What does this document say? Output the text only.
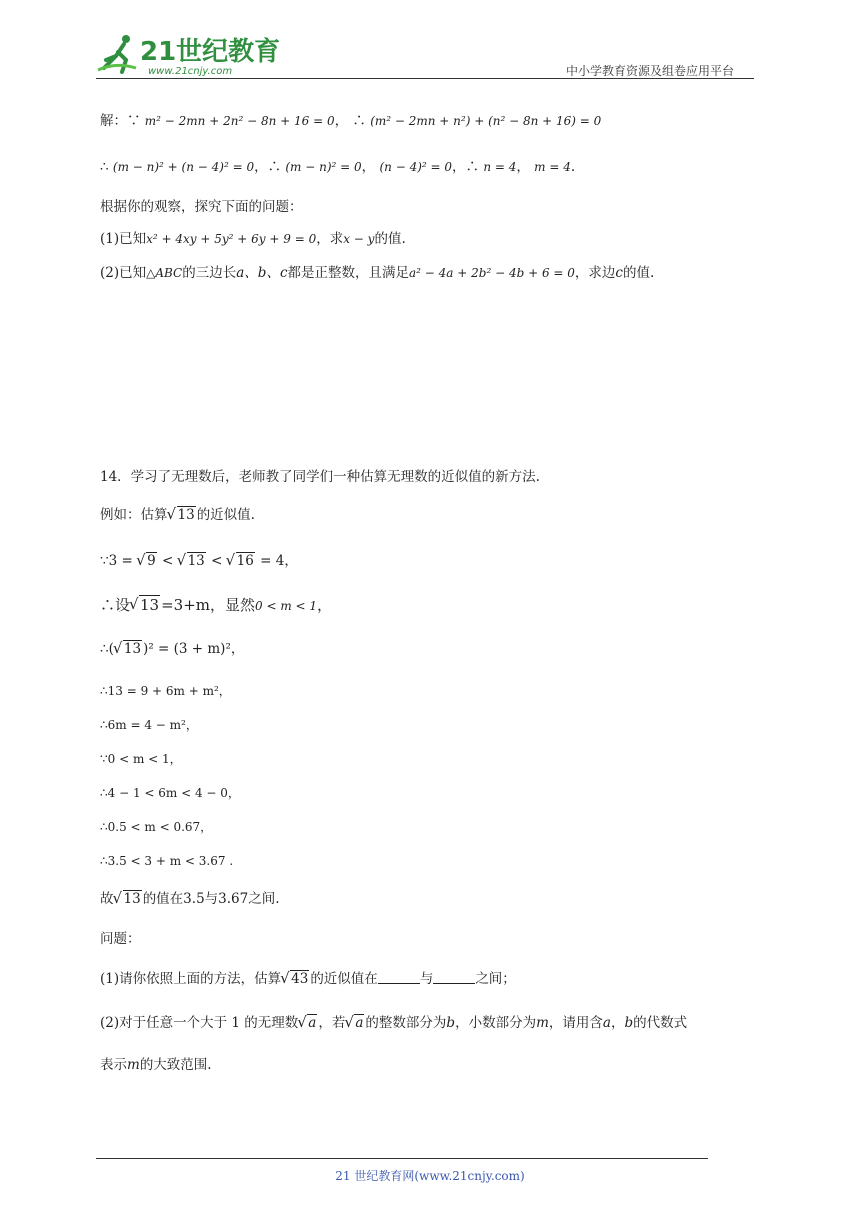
21世纪教育
www.21cnjy.com	中小学教育资源及组卷应用平台
解：∵ m² − 2mn + 2n² − 8n + 16 = 0， ∴ (m² − 2mn + n²) + (n² − 8n + 16) = 0
∴ (m − n)² + (n − 4)² = 0，∴ (m − n)² = 0， (n − 4)² = 0，∴ n = 4， m = 4.
根据你的观察，探究下面的问题：
(1)已知x² + 4xy + 5y² + 6y + 9 = 0，求x − y的值.
(2)已知△ABC的三边长a、b、c都是正整数，且满足a² − 4a + 2b² − 4b + 6 = 0，求边c的值.
14．学习了无理数后，老师教了同学们一种估算无理数的近似值的新方法.
例如：估算 √ 13 的近似值.
∵3 = √ 9 < √ 13 < √ 16 = 4，
∴设 √ 13 =3+m，显然0 < m < 1，
∴( √ 13 )² = (3 + m)²，
∴13 = 9 + 6m + m²，
∴6m = 4 − m²，
∵0 < m < 1，
∴4 − 1 < 6m < 4 − 0，
∴0.5 < m < 0.67，
∴3.5 < 3 + m < 3.67 .
故 √ 13 的值在3.5与3.67之间.
问题：
(1)请你依照上面的方法，估算 √ 43 的近似值在	与	之间；
(2)对于任意一个大于 1 的无理数 √ a ，若 √ a 的整数部分为b，小数部分为m，请用含a，b的代数式
表示m的大致范围.
21 世纪教育网(www.21cnjy.com)
